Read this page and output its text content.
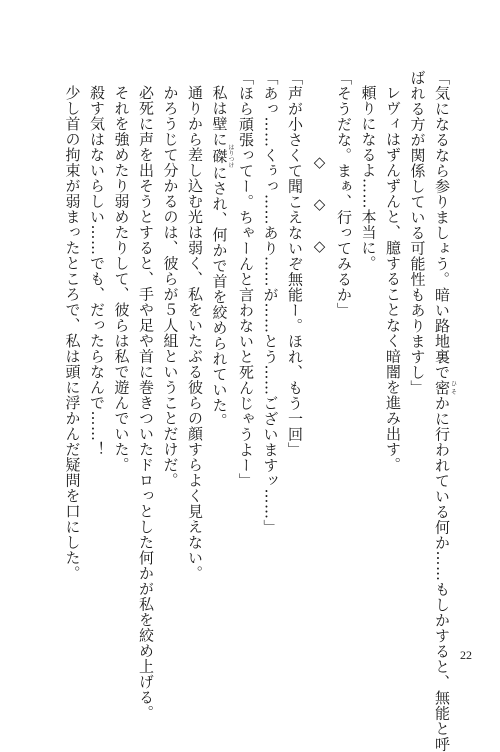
「気になるなら参りましょう。暗い路地裏で密ひそかに行われている何か……もしかすると、無能と呼
ばれる方が関係している可能性もありますし」
レヴィはずんずんと、臆することなく暗闇を進み出す。
頼りになるよ……本当に。
「そうだな。まぁ、行ってみるか」
◇◇◇
「声が小さくて聞こえないぞ無能ー。ほれ、もう一回」
「あっ……くぅっ……あり……が……とう……ございますッ……」
「ほら頑張ってー。ちゃーんと言わないと死んじゃうよー」
私は壁に磔はりつけにされ、何かで首を絞められていた。
通りから差し込む光は弱く、私をいたぶる彼らの顔すらよく見えない。
かろうじて分かるのは、彼らが５人組ということだけだ。
必死に声を出そうとすると、手や足や首に巻きついたドロっとした何かが私を絞め上げる。
それを強めたり弱めたりして、彼らは私で遊んでいた。
殺す気はないらしい……でも、だったらなんで……！
少し首の拘束が弱まったところで、私は頭に浮かんだ疑問を口にした。
22
